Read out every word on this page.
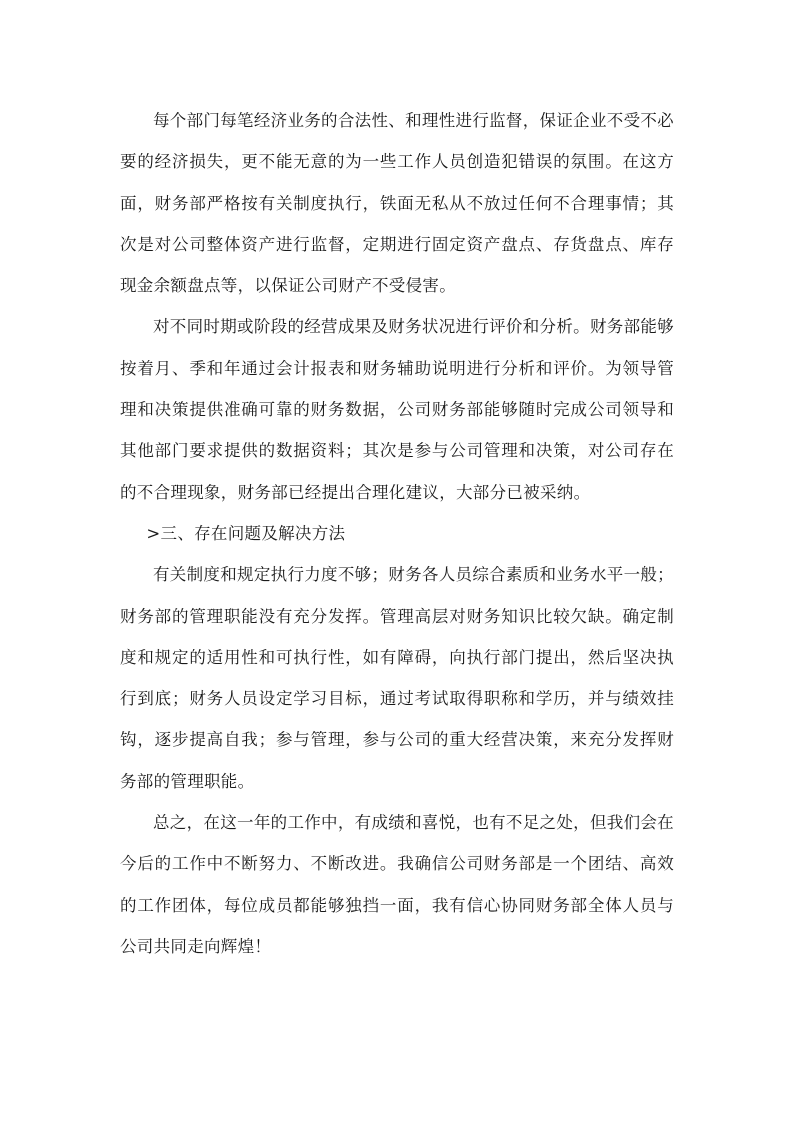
每个部门每笔经济业务的合法性、和理性进行监督，保证企业不受不必要的经济损失，更不能无意的为一些工作人员创造犯错误的氛围。在这方面，财务部严格按有关制度执行，铁面无私从不放过任何不合理事情；其次是对公司整体资产进行监督，定期进行固定资产盘点、存货盘点、库存现金余额盘点等，以保证公司财产不受侵害。

对不同时期或阶段的经营成果及财务状况进行评价和分析。财务部能够按着月、季和年通过会计报表和财务辅助说明进行分析和评价。为领导管理和决策提供准确可靠的财务数据，公司财务部能够随时完成公司领导和其他部门要求提供的数据资料；其次是参与公司管理和决策，对公司存在的不合理现象，财务部已经提出合理化建议，大部分已被采纳。

>三、存在问题及解决方法

有关制度和规定执行力度不够；财务各人员综合素质和业务水平一般；财务部的管理职能没有充分发挥。管理高层对财务知识比较欠缺。确定制度和规定的适用性和可执行性，如有障碍，向执行部门提出，然后坚决执行到底；财务人员设定学习目标，通过考试取得职称和学历，并与绩效挂钩，逐步提高自我；参与管理，参与公司的重大经营决策，来充分发挥财务部的管理职能。

总之，在这一年的工作中，有成绩和喜悦，也有不足之处，但我们会在今后的工作中不断努力、不断改进。我确信公司财务部是一个团结、高效的工作团体，每位成员都能够独挡一面，我有信心协同财务部全体人员与公司共同走向辉煌！
